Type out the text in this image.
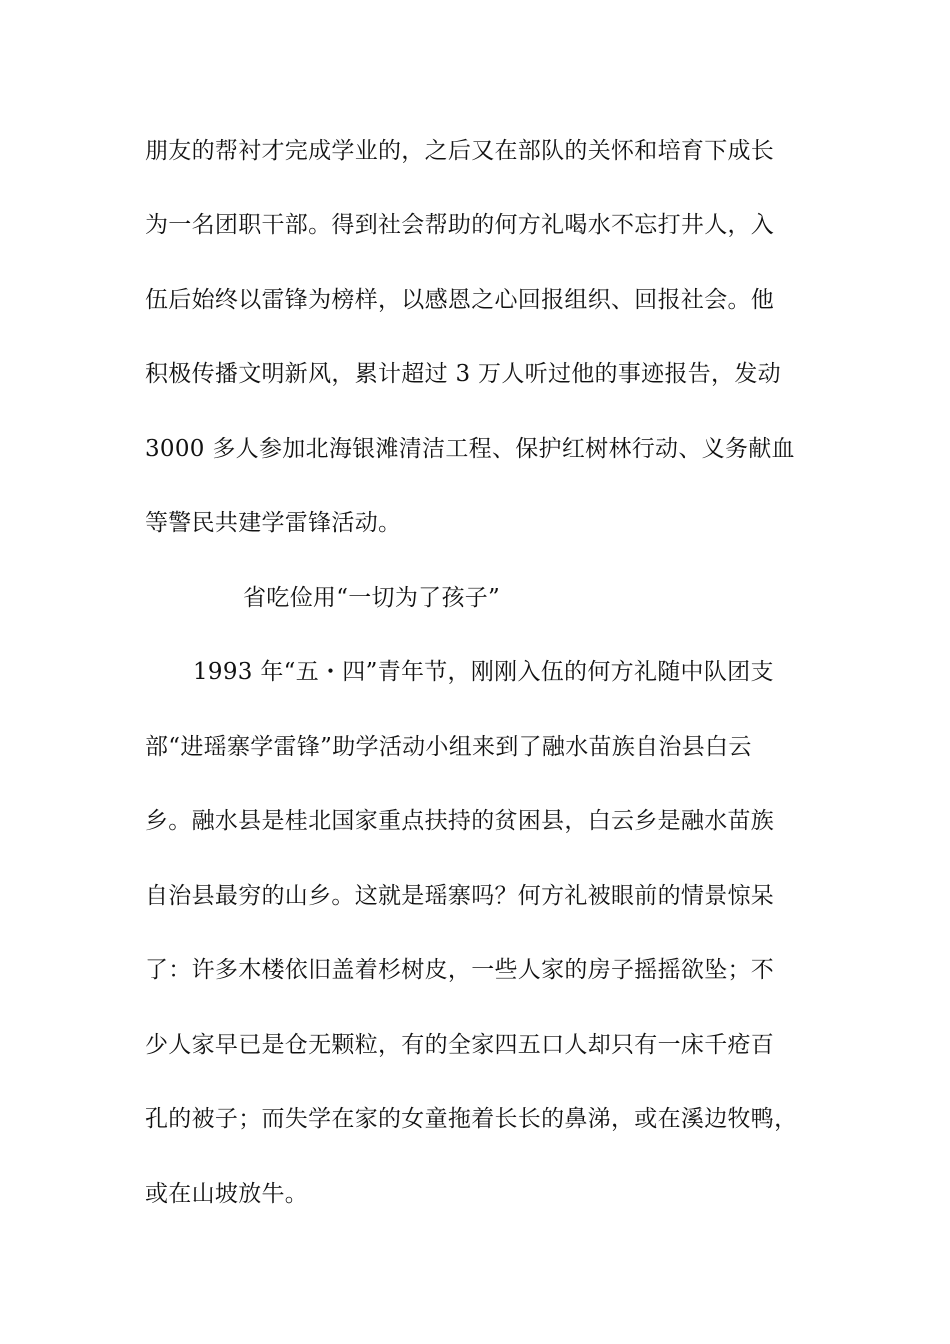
朋友的帮衬才完成学业的，之后又在部队的关怀和培育下成长
为一名团职干部。得到社会帮助的何方礼喝水不忘打井人，入
伍后始终以雷锋为榜样，以感恩之心回报组织、回报社会。他
积极传播文明新风，累计超过 3 万人听过他的事迹报告，发动
3000 多人参加北海银滩清洁工程、保护红树林行动、义务献血
等警民共建学雷锋活动。
省吃俭用“一切为了孩子”
1993 年“五・四”青年节，刚刚入伍的何方礼随中队团支
部“进瑶寨学雷锋”助学活动小组来到了融水苗族自治县白云
乡。融水县是桂北国家重点扶持的贫困县，白云乡是融水苗族
自治县最穷的山乡。这就是瑶寨吗？何方礼被眼前的情景惊呆
了：许多木楼依旧盖着杉树皮，一些人家的房子摇摇欲坠；不
少人家早已是仓无颗粒，有的全家四五口人却只有一床千疮百
孔的被子；而失学在家的女童拖着长长的鼻涕，或在溪边牧鸭，
或在山坡放牛。
